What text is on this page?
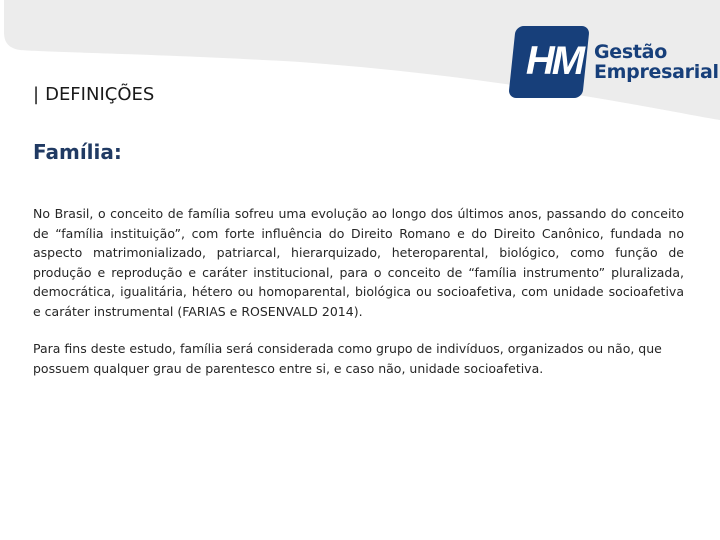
HM Gestão
Empresarial
| DEFINIÇÕES
Família:

No Brasil, o conceito de família sofreu uma evolução ao longo dos últimos anos, passando do conceito de “família instituição”, com forte influência do Direito Romano e do Direito Canônico, fundada no aspecto matrimonializado, patriarcal, hierarquizado, heteroparental, biológico, como função de produção e reprodução e caráter institucional, para o conceito de “família instrumento” pluralizada, democrática, igualitária, hétero ou homoparental, biológica ou socioafetiva, com unidade socioafetiva e caráter instrumental (FARIAS e ROSENVALD 2014).

Para fins deste estudo, família será considerada como grupo de indivíduos, organizados ou não, que possuem qualquer grau de parentesco entre si, e caso não, unidade socioafetiva.
